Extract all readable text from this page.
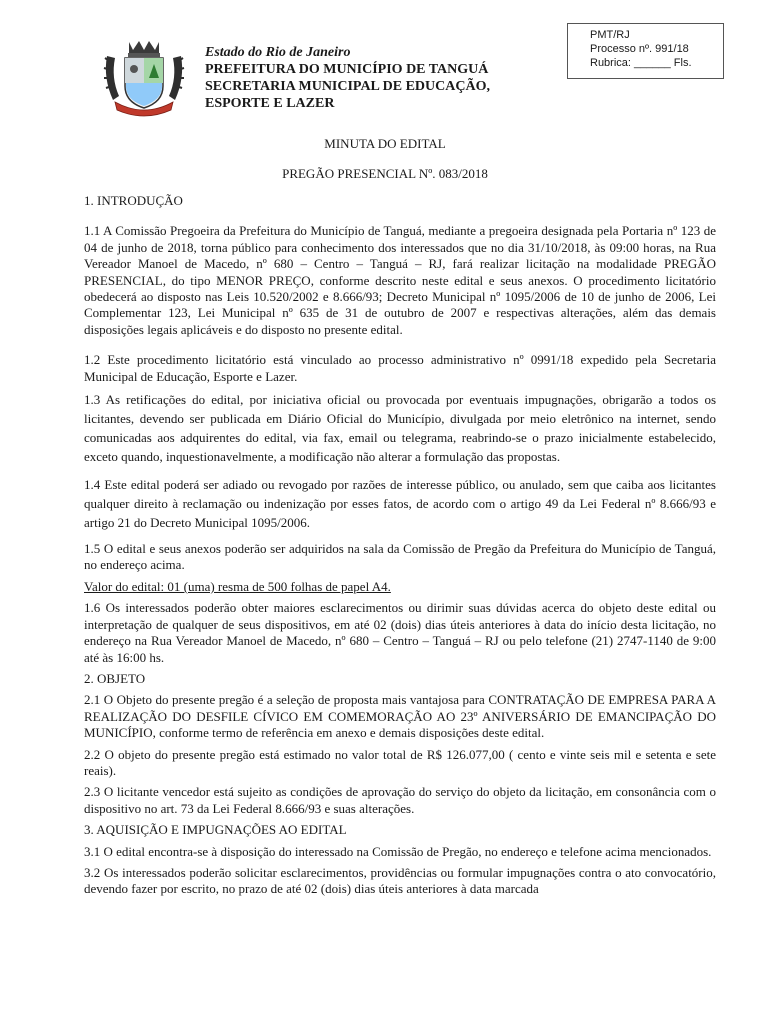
Estado do Rio de Janeiro
PREFEITURA DO MUNICÍPIO DE TANGUÁ
SECRETARIA MUNICIPAL DE EDUCAÇÃO,
ESPORTE E LAZER
PMT/RJ
Processo nº. 991/18
Rubrica: ______ Fls.
MINUTA DO EDITAL
PREGÃO PRESENCIAL Nº. 083/2018

1. INTRODUÇÃO

1.1 A Comissão Pregoeira da Prefeitura do Município de Tanguá, mediante a pregoeira designada pela Portaria nº 123 de 04 de junho de 2018, torna público para conhecimento dos interessados que no dia 31/10/2018, às 09:00 horas, na Rua Vereador Manoel de Macedo, nº 680 – Centro – Tanguá – RJ, fará realizar licitação na modalidade PREGÃO PRESENCIAL, do tipo MENOR PREÇO, conforme descrito neste edital e seus anexos. O procedimento licitatório obedecerá ao disposto nas Leis 10.520/2002 e 8.666/93; Decreto Municipal nº 1095/2006 de 10 de junho de 2006, Lei Complementar 123, Lei Municipal nº 635 de 31 de outubro de 2007 e respectivas alterações, além das demais disposições legais aplicáveis e do disposto no presente edital.

1.2 Este procedimento licitatório está vinculado ao processo administrativo nº 0991/18 expedido pela Secretaria Municipal de Educação, Esporte e Lazer.

1.3 As retificações do edital, por iniciativa oficial ou provocada por eventuais impugnações, obrigarão a todos os licitantes, devendo ser publicada em Diário Oficial do Município, divulgada por meio eletrônico na internet, sendo comunicadas aos adquirentes do edital, via fax, email ou telegrama, reabrindo-se o prazo inicialmente estabelecido, exceto quando, inquestionavelmente, a modificação não alterar a formulação das propostas.

1.4 Este edital poderá ser adiado ou revogado por razões de interesse público, ou anulado, sem que caiba aos licitantes qualquer direito à reclamação ou indenização por esses fatos, de acordo com o artigo 49 da Lei Federal nº 8.666/93 e artigo 21 do Decreto Municipal 1095/2006.

1.5 O edital e seus anexos poderão ser adquiridos na sala da Comissão de Pregão da Prefeitura do Município de Tanguá, no endereço acima.

Valor do edital: 01 (uma) resma de 500 folhas de papel A4.

1.6 Os interessados poderão obter maiores esclarecimentos ou dirimir suas dúvidas acerca do objeto deste edital ou interpretação de qualquer de seus dispositivos, em até 02 (dois) dias úteis anteriores à data do início desta licitação, no endereço na Rua Vereador Manoel de Macedo, nº 680 – Centro – Tanguá – RJ ou pelo telefone (21) 2747-1140 de 9:00 até às 16:00 hs.

2. OBJETO

2.1 O Objeto do presente pregão é a seleção de proposta mais vantajosa para CONTRATAÇÃO DE EMPRESA PARA A REALIZAÇÃO DO DESFILE CÍVICO EM COMEMORAÇÃO AO 23º ANIVERSÁRIO DE EMANCIPAÇÃO DO MUNICÍPIO, conforme termo de referência em anexo e demais disposições deste edital.

2.2 O objeto do presente pregão está estimado no valor total de R$ 126.077,00 ( cento e vinte seis mil e setenta e sete reais).

2.3 O licitante vencedor está sujeito as condições de aprovação do serviço do objeto da licitação, em consonância com o dispositivo no art. 73 da Lei Federal 8.666/93 e suas alterações.

3. AQUISIÇÃO E IMPUGNAÇÕES AO EDITAL

3.1 O edital encontra-se à disposição do interessado na Comissão de Pregão, no endereço e telefone acima mencionados.

3.2 Os interessados poderão solicitar esclarecimentos, providências ou formular impugnações contra o ato convocatório, devendo fazer por escrito, no prazo de até 02 (dois) dias úteis anteriores à data marcada
